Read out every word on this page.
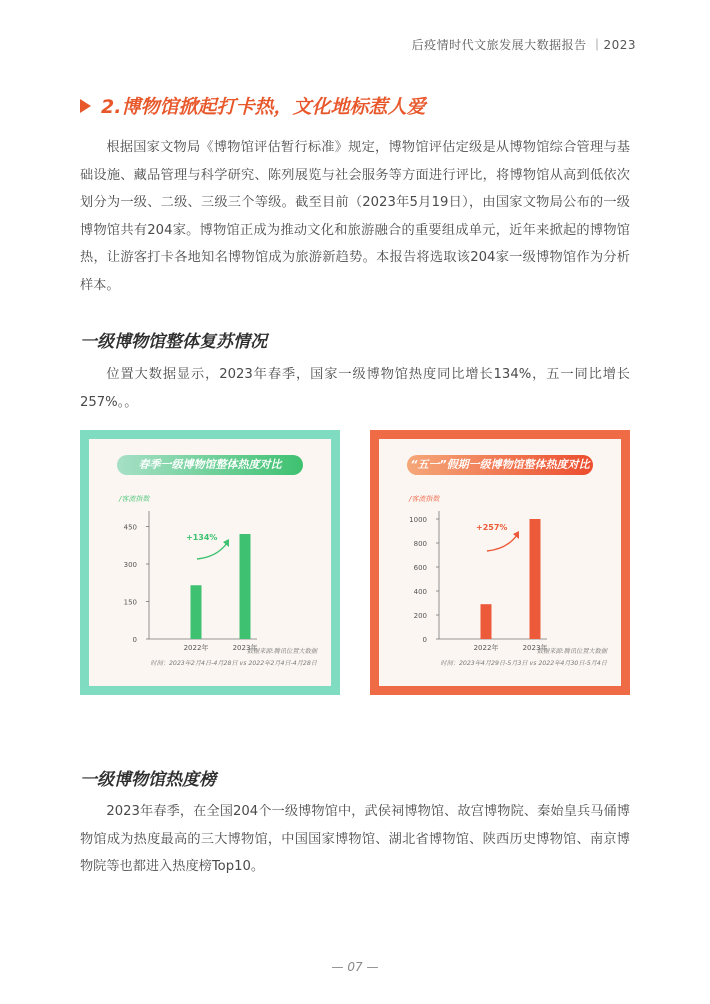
后疫情时代文旅发展大数据报告 ｜2023
2.博物馆掀起打卡热，文化地标惹人爱

根据国家文物局《博物馆评估暂行标准》规定，博物馆评估定级是从博物馆综合管理与基础设施、藏品管理与科学研究、陈列展览与社会服务等方面进行评比，将博物馆从高到低依次划分为一级、二级、三级三个等级。截至目前（2023年5月19日），由国家文物局公布的一级博物馆共有204家。博物馆正成为推动文化和旅游融合的重要组成单元，近年来掀起的博物馆热，让游客打卡各地知名博物馆成为旅游新趋势。本报告将选取该204家一级博物馆作为分析样本。

一级博物馆整体复苏情况

位置大数据显示，2023年春季，国家一级博物馆热度同比增长134%，五一同比增长257%。。

春季一级博物馆整体热度对比
/客流指数
0
150
300
450
2022年	2023年
+134%
数据来源:腾讯位置大数据
时间：2023年2月4日-4月28日 vs 2022年2月4日-4月28日
“五一”假期一级博物馆整体热度对比
/客流指数
0
200
400
600
800
1000
2022年	2023年
+257%
数据来源:腾讯位置大数据
时间：2023年4月29日-5月3日 vs 2022年4月30日-5月4日
一级博物馆热度榜

2023年春季，在全国204个一级博物馆中，武侯祠博物馆、故宫博物院、秦始皇兵马俑博物馆成为热度最高的三大博物馆，中国国家博物馆、湖北省博物馆、陕西历史博物馆、南京博物院等也都进入热度榜Top10。

— 07 —
